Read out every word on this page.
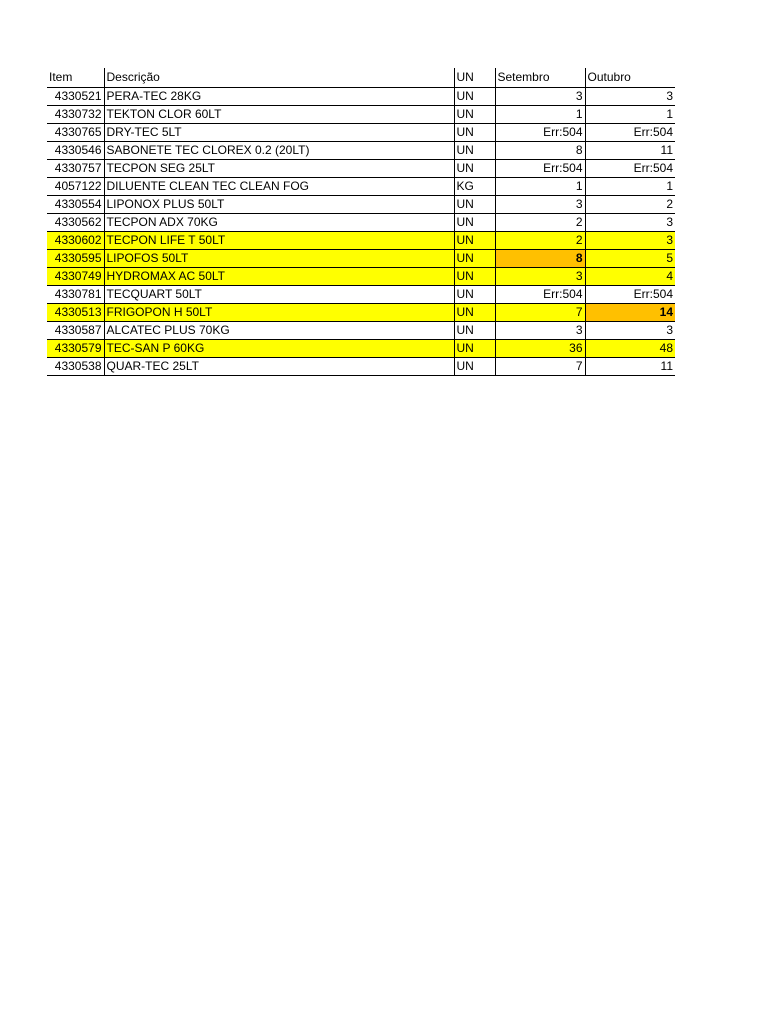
Item	Descrição	UN	Setembro	Outubro
4330521	PERA-TEC 28KG	UN	3	3
4330732	TEKTON CLOR 60LT	UN	1	1
4330765	DRY-TEC 5LT	UN	Err:504	Err:504
4330546	SABONETE TEC CLOREX 0.2 (20LT)	UN	8	11
4330757	TECPON SEG 25LT	UN	Err:504	Err:504
4057122	DILUENTE CLEAN TEC CLEAN FOG	KG	1	1
4330554	LIPONOX PLUS 50LT	UN	3	2
4330562	TECPON ADX 70KG	UN	2	3
4330602	TECPON LIFE T 50LT	UN	2	3
4330595	LIPOFOS 50LT	UN	8	5
4330749	HYDROMAX AC 50LT	UN	3	4
4330781	TECQUART 50LT	UN	Err:504	Err:504
4330513	FRIGOPON H 50LT	UN	7	14
4330587	ALCATEC PLUS 70KG	UN	3	3
4330579	TEC-SAN P 60KG	UN	36	48
4330538	QUAR-TEC 25LT	UN	7	11
